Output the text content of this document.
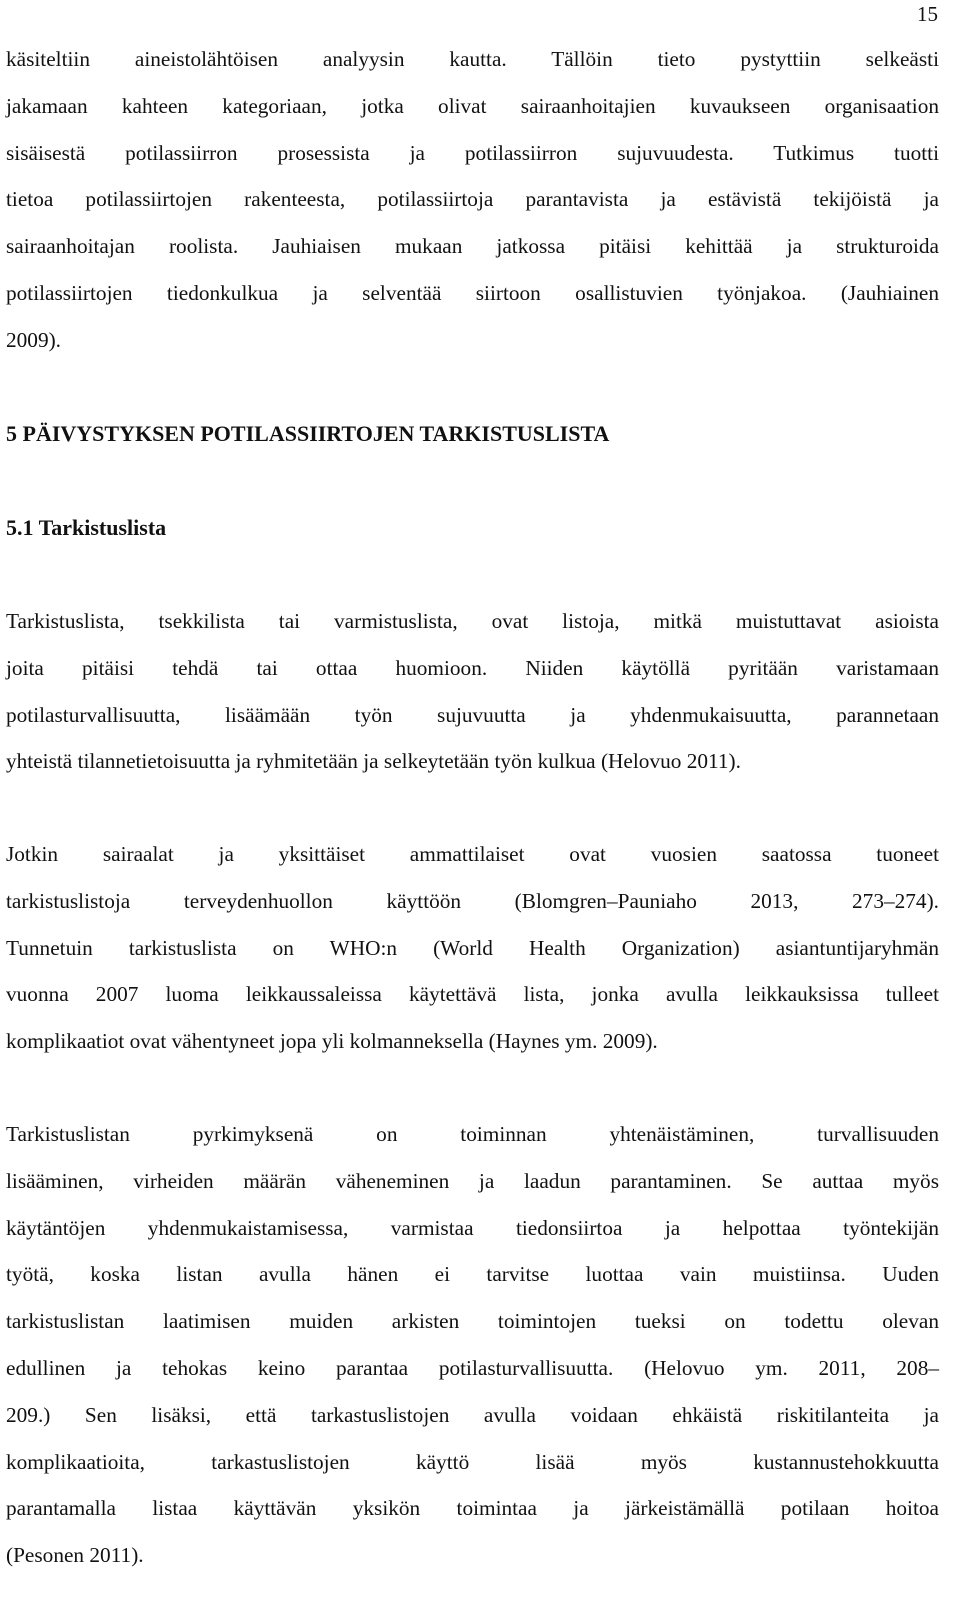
15
käsiteltiin aineistolähtöisen analyysin kautta. Tällöin tieto pystyttiin selkeästi
jakamaan kahteen kategoriaan, jotka olivat sairaanhoitajien kuvaukseen organisaation
sisäisestä potilassiirron prosessista ja potilassiirron sujuvuudesta. Tutkimus tuotti
tietoa potilassiirtojen rakenteesta, potilassiirtoja parantavista ja estävistä tekijöistä ja
sairaanhoitajan roolista. Jauhiaisen mukaan jatkossa pitäisi kehittää ja strukturoida
potilassiirtojen tiedonkulkua ja selventää siirtoon osallistuvien työnjakoa. (Jauhiainen
2009).
5 PÄIVYSTYKSEN POTILASSIIRTOJEN TARKISTUSLISTA
5.1 Tarkistuslista
Tarkistuslista, tsekkilista tai varmistuslista, ovat listoja, mitkä muistuttavat asioista
joita pitäisi tehdä tai ottaa huomioon. Niiden käytöllä pyritään varistamaan
potilasturvallisuutta, lisäämään työn sujuvuutta ja yhdenmukaisuutta, parannetaan
yhteistä tilannetietoisuutta ja ryhmitetään ja selkeytetään työn kulkua (Helovuo 2011).
Jotkin sairaalat ja yksittäiset ammattilaiset ovat vuosien saatossa tuoneet
tarkistuslistoja terveydenhuollon käyttöön (Blomgren–Pauniaho 2013, 273–274).
Tunnetuin tarkistuslista on WHO:n (World Health Organization) asiantuntijaryhmän
vuonna 2007 luoma leikkaussaleissa käytettävä lista, jonka avulla leikkauksissa tulleet
komplikaatiot ovat vähentyneet jopa yli kolmanneksella (Haynes ym. 2009).
Tarkistuslistan pyrkimyksenä on toiminnan yhtenäistäminen, turvallisuuden
lisääminen, virheiden määrän väheneminen ja laadun parantaminen. Se auttaa myös
käytäntöjen yhdenmukaistamisessa, varmistaa tiedonsiirtoa ja helpottaa työntekijän
työtä, koska listan avulla hänen ei tarvitse luottaa vain muistiinsa. Uuden
tarkistuslistan laatimisen muiden arkisten toimintojen tueksi on todettu olevan
edullinen ja tehokas keino parantaa potilasturvallisuutta. (Helovuo ym. 2011, 208–
209.) Sen lisäksi, että tarkastuslistojen avulla voidaan ehkäistä riskitilanteita ja
komplikaatioita, tarkastuslistojen käyttö lisää myös kustannustehokkuutta
parantamalla listaa käyttävän yksikön toimintaa ja järkeistämällä potilaan hoitoa
(Pesonen 2011).
